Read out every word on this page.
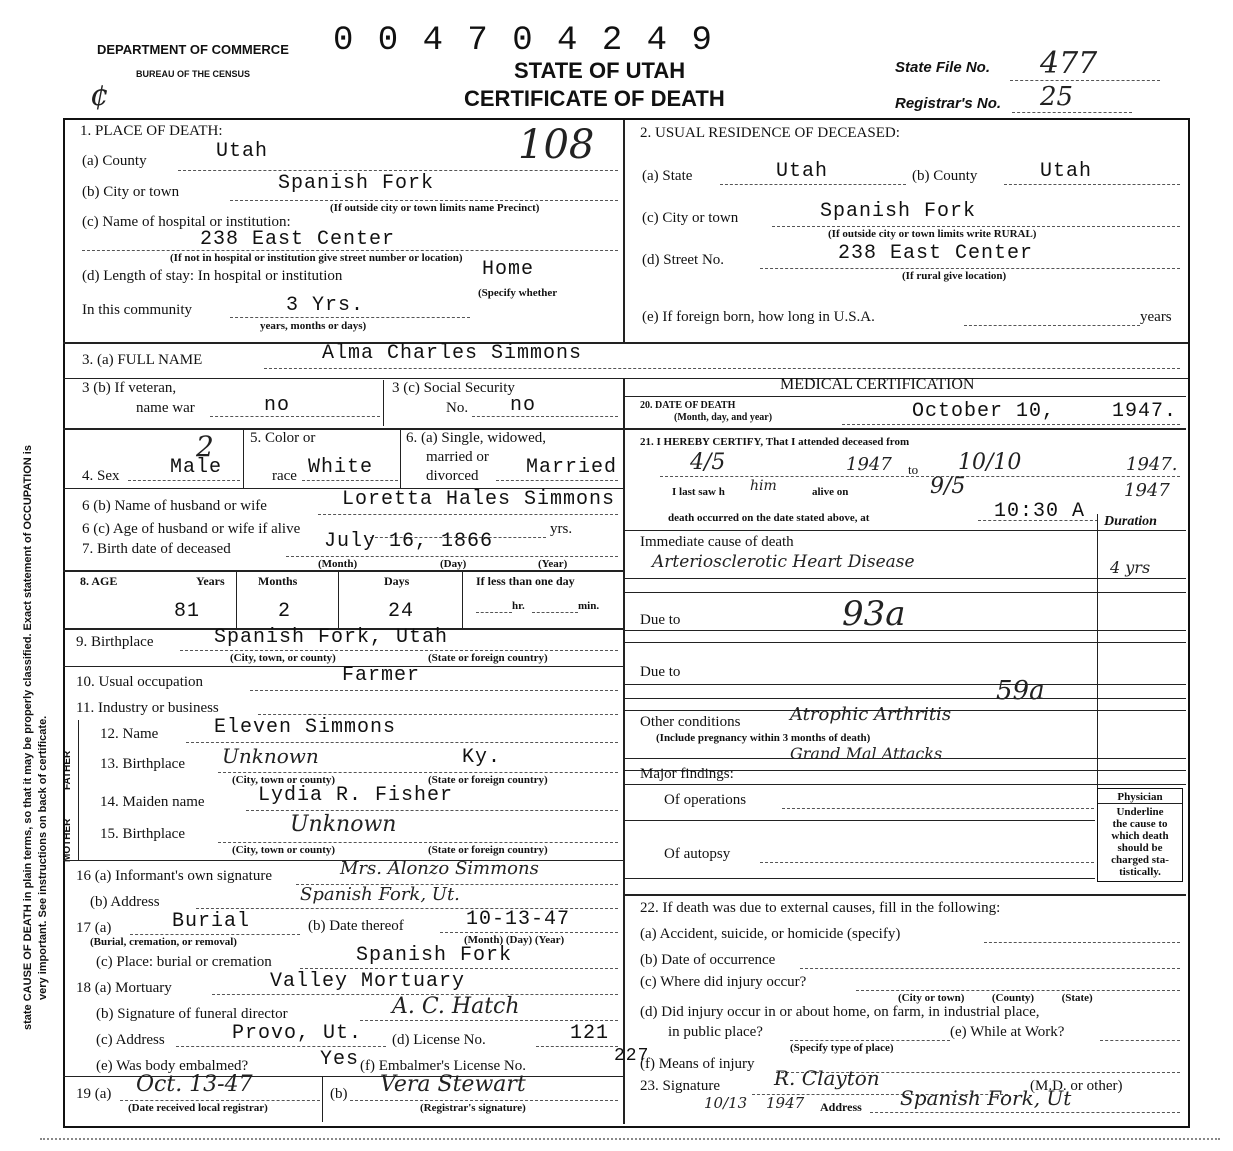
DEPARTMENT OF COMMERCE
BUREAU OF THE CENSUS
0 0 4 7 0 4 2 4 9
STATE OF UTAH
CERTIFICATE OF DEATH
State File No. 477
Registrar's No. 25
¢
state CAUSE OF DEATH in plain terms, so that it may be properly classified. Exact statement of OCCUPATION is very important. See instructions on back of certificate.
1. PLACE OF DEATH:
(a) County	Utah	108
(b) City or town	Spanish Fork
(If outside city or town limits name Precinct)
(c) Name of hospital or institution:
238 East Center
(If not in hospital or institution give street number or location)
(d) Length of stay: In hospital or institution	Home
(Specify whether
In this community	3 Yrs.
years, months or days)
2. USUAL RESIDENCE OF DECEASED:
(a) State	Utah	(b) County	Utah
(c) City or town	Spanish Fork
(If outside city or town limits write RURAL)
(d) Street No.	238 East Center
(If rural give location)
(e) If foreign born, how long in U.S.A.	years
3. (a) FULL NAME	Alma Charles Simmons
3 (b) If veteran,
name war	no
3 (c) Social Security
No. no
4. Sex	Male
2 5. Color or
race White
6. (a) Single, widowed,
married or
divorced Married
6 (b) Name of husband or wife	Loretta Hales Simmons
6 (c) Age of husband or wife if alive	yrs.
7. Birth date of deceased	July 16, 1866
(Month)	(Day)	(Year)
8. AGE	Years	Months	Days	If less than one day
81	2	24	hr.	min.
9. Birthplace	Spanish Fork, Utah
(City, town, or county)	(State or foreign country)
10. Usual occupation	Farmer
11. Industry or business
FATHER
MOTHER
12. Name	Eleven Simmons
13. Birthplace Unknown	Ky.
(City, town or county)	(State or foreign country)
14. Maiden name	Lydia R. Fisher
15. Birthplace	Unknown
(City, town or county)	(State or foreign country)
16 (a) Informant's own signature	Mrs. Alonzo Simmons
(b) Address	Spanish Fork, Ut.
17 (a)	Burial
(Burial, cremation, or removal)
(b) Date thereof	10-13-47
(Month) (Day) (Year)
(c) Place: burial or cremation	Spanish Fork
18 (a) Mortuary	Valley Mortuary
(b) Signature of funeral director	A. C. Hatch
(c) Address	Provo, Ut. (d) License No.	121
(e) Was body embalmed?	Yes (f) Embalmer's License No.	227
19 (a) Oct. 13-47
(Date received local registrar)
(b) Vera Stewart
(Registrar's signature)
MEDICAL CERTIFICATION
20. DATE OF DEATH
(Month, day, and year)	October 10,	1947.
21. I HEREBY CERTIFY, That I attended deceased from
4/5	1947 to 10/10	1947.
I last saw h him	alive on	9/5	1947
death occurred on the date stated above, at	10:30 A Duration
Immediate cause of death
Arteriosclerotic Heart Disease	4 yrs
Due to	93a
Due to
59a
Other conditions	Atrophic Arthritis
(Include pregnancy within 3 months of death)
Grand Mal Attacks
Major findings:
Of operations
Of autopsy
Physician
Underline
the cause to
which death
should be
charged sta-
tistically.
22. If death was due to external causes, fill in the following:
(a) Accident, suicide, or homicide (specify)
(b) Date of occurrence
(c) Where did injury occur?
(City or town)          (County)          (State)
(d) Did injury occur in or about home, on farm, in industrial place,
in public place?	(e) While at Work?
(Specify type of place)
(f) Means of injury
23. Signature	R. Clayton	(M.D. or other)
10/13 1947 Address Spanish Fork, Ut
